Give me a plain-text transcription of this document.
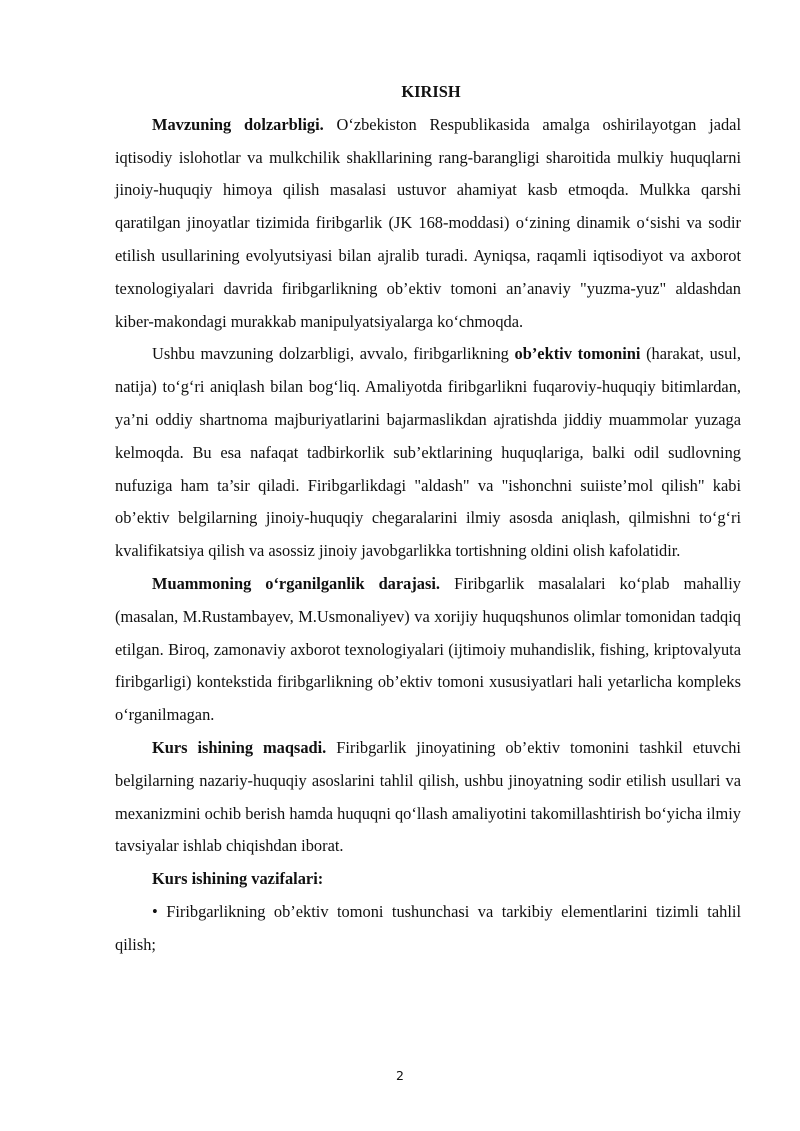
KIRISH

Mavzuning dolzarbligi. O‘zbekiston Respublikasida amalga oshirilayotgan jadal iqtisodiy islohotlar va mulkchilik shakllarining rang-barangligi sharoitida mulkiy huquqlarni jinoiy-huquqiy himoya qilish masalasi ustuvor ahamiyat kasb etmoqda. Mulkka qarshi qaratilgan jinoyatlar tizimida firibgarlik (JK 168-moddasi) o‘zining dinamik o‘sishi va sodir etilish usullarining evolyutsiyasi bilan ajralib turadi. Ayniqsa, raqamli iqtisodiyot va axborot texnologiyalari davrida firibgarlikning ob’ektiv tomoni an’anaviy "yuzma-yuz" aldashdan kiber-makondagi murakkab manipulyatsiyalarga ko‘chmoqda.

Ushbu mavzuning dolzarbligi, avvalo, firibgarlikning ob’ektiv tomonini (harakat, usul, natija) to‘g‘ri aniqlash bilan bog‘liq. Amaliyotda firibgarlikni fuqaroviy-huquqiy bitimlardan, ya’ni oddiy shartnoma majburiyatlarini bajarmaslikdan ajratishda jiddiy muammolar yuzaga kelmoqda. Bu esa nafaqat tadbirkorlik sub’ektlarining huquqlariga, balki odil sudlovning nufuziga ham ta’sir qiladi. Firibgarlikdagi "aldash" va "ishonchni suiiste’mol qilish" kabi ob’ektiv belgilarning jinoiy-huquqiy chegaralarini ilmiy asosda aniqlash, qilmishni to‘g‘ri kvalifikatsiya qilish va asossiz jinoiy javobgarlikka tortishning oldini olish kafolatidir.

Muammoning o‘rganilganlik darajasi. Firibgarlik masalalari ko‘plab mahalliy (masalan, M.Rustambayev, M.Usmonaliyev) va xorijiy huquqshunos olimlar tomonidan tadqiq etilgan. Biroq, zamonaviy axborot texnologiyalari (ijtimoiy muhandislik, fishing, kriptovalyuta firibgarligi) kontekstida firibgarlikning ob’ektiv tomoni xususiyatlari hali yetarlicha kompleks o‘rganilmagan.

Kurs ishining maqsadi. Firibgarlik jinoyatining ob’ektiv tomonini tashkil etuvchi belgilarning nazariy-huquqiy asoslarini tahlil qilish, ushbu jinoyatning sodir etilish usullari va mexanizmini ochib berish hamda huquqni qo‘llash amaliyotini takomillashtirish bo‘yicha ilmiy tavsiyalar ishlab chiqishdan iborat.

Kurs ishining vazifalari:

• Firibgarlikning ob’ektiv tomoni tushunchasi va tarkibiy elementlarini tizimli tahlil qilish;

2
